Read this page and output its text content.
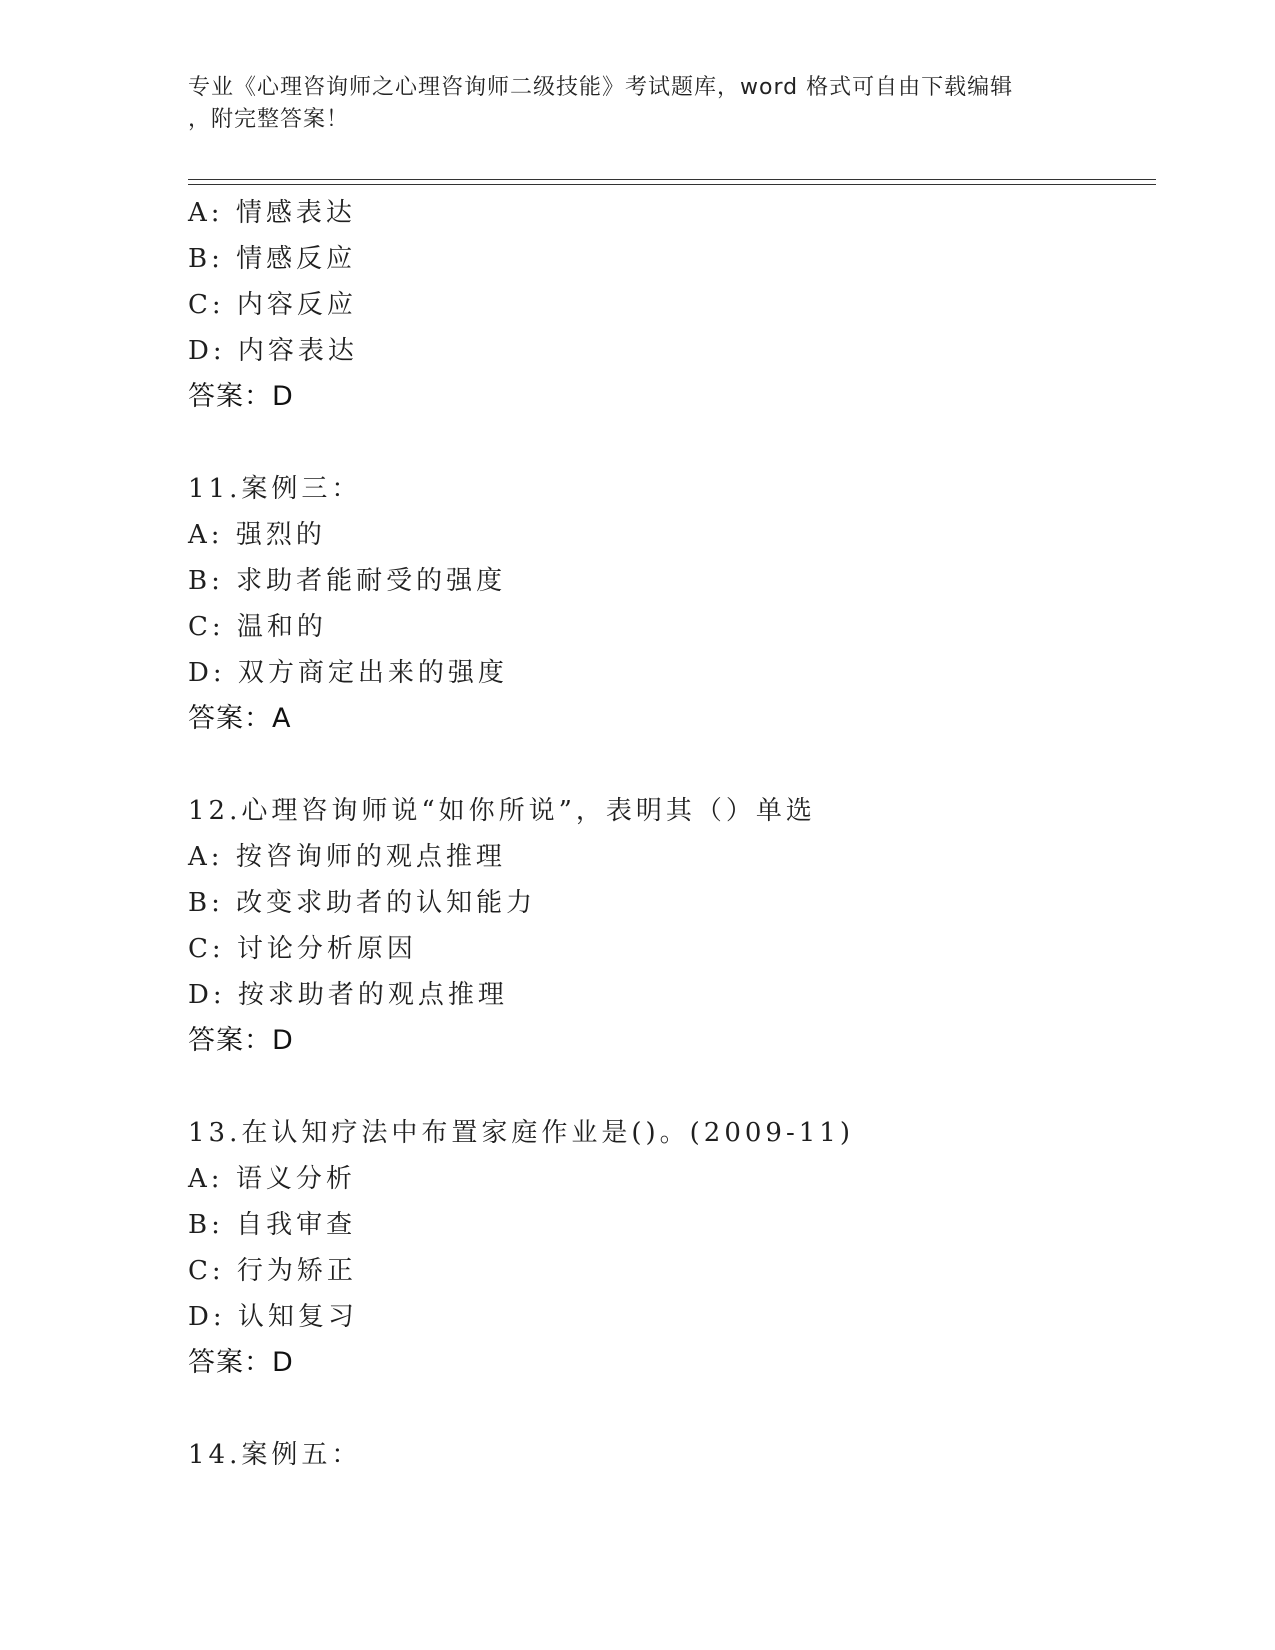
专业《心理咨询师之心理咨询师二级技能》考试题库，word 格式可自由下载编辑
，附完整答案！
A: 情感表达
B: 情感反应
C: 内容反应
D: 内容表达
答案：D
11.案例三：
A: 强烈的
B: 求助者能耐受的强度
C: 温和的
D: 双方商定出来的强度
答案：A
12.心理咨询师说“如你所说”，表明其（）单选
A: 按咨询师的观点推理
B: 改变求助者的认知能力
C: 讨论分析原因
D: 按求助者的观点推理
答案：D
13.在认知疗法中布置家庭作业是()。(2009-11)
A: 语义分析
B: 自我审查
C: 行为矫正
D: 认知复习
答案：D
14.案例五：
